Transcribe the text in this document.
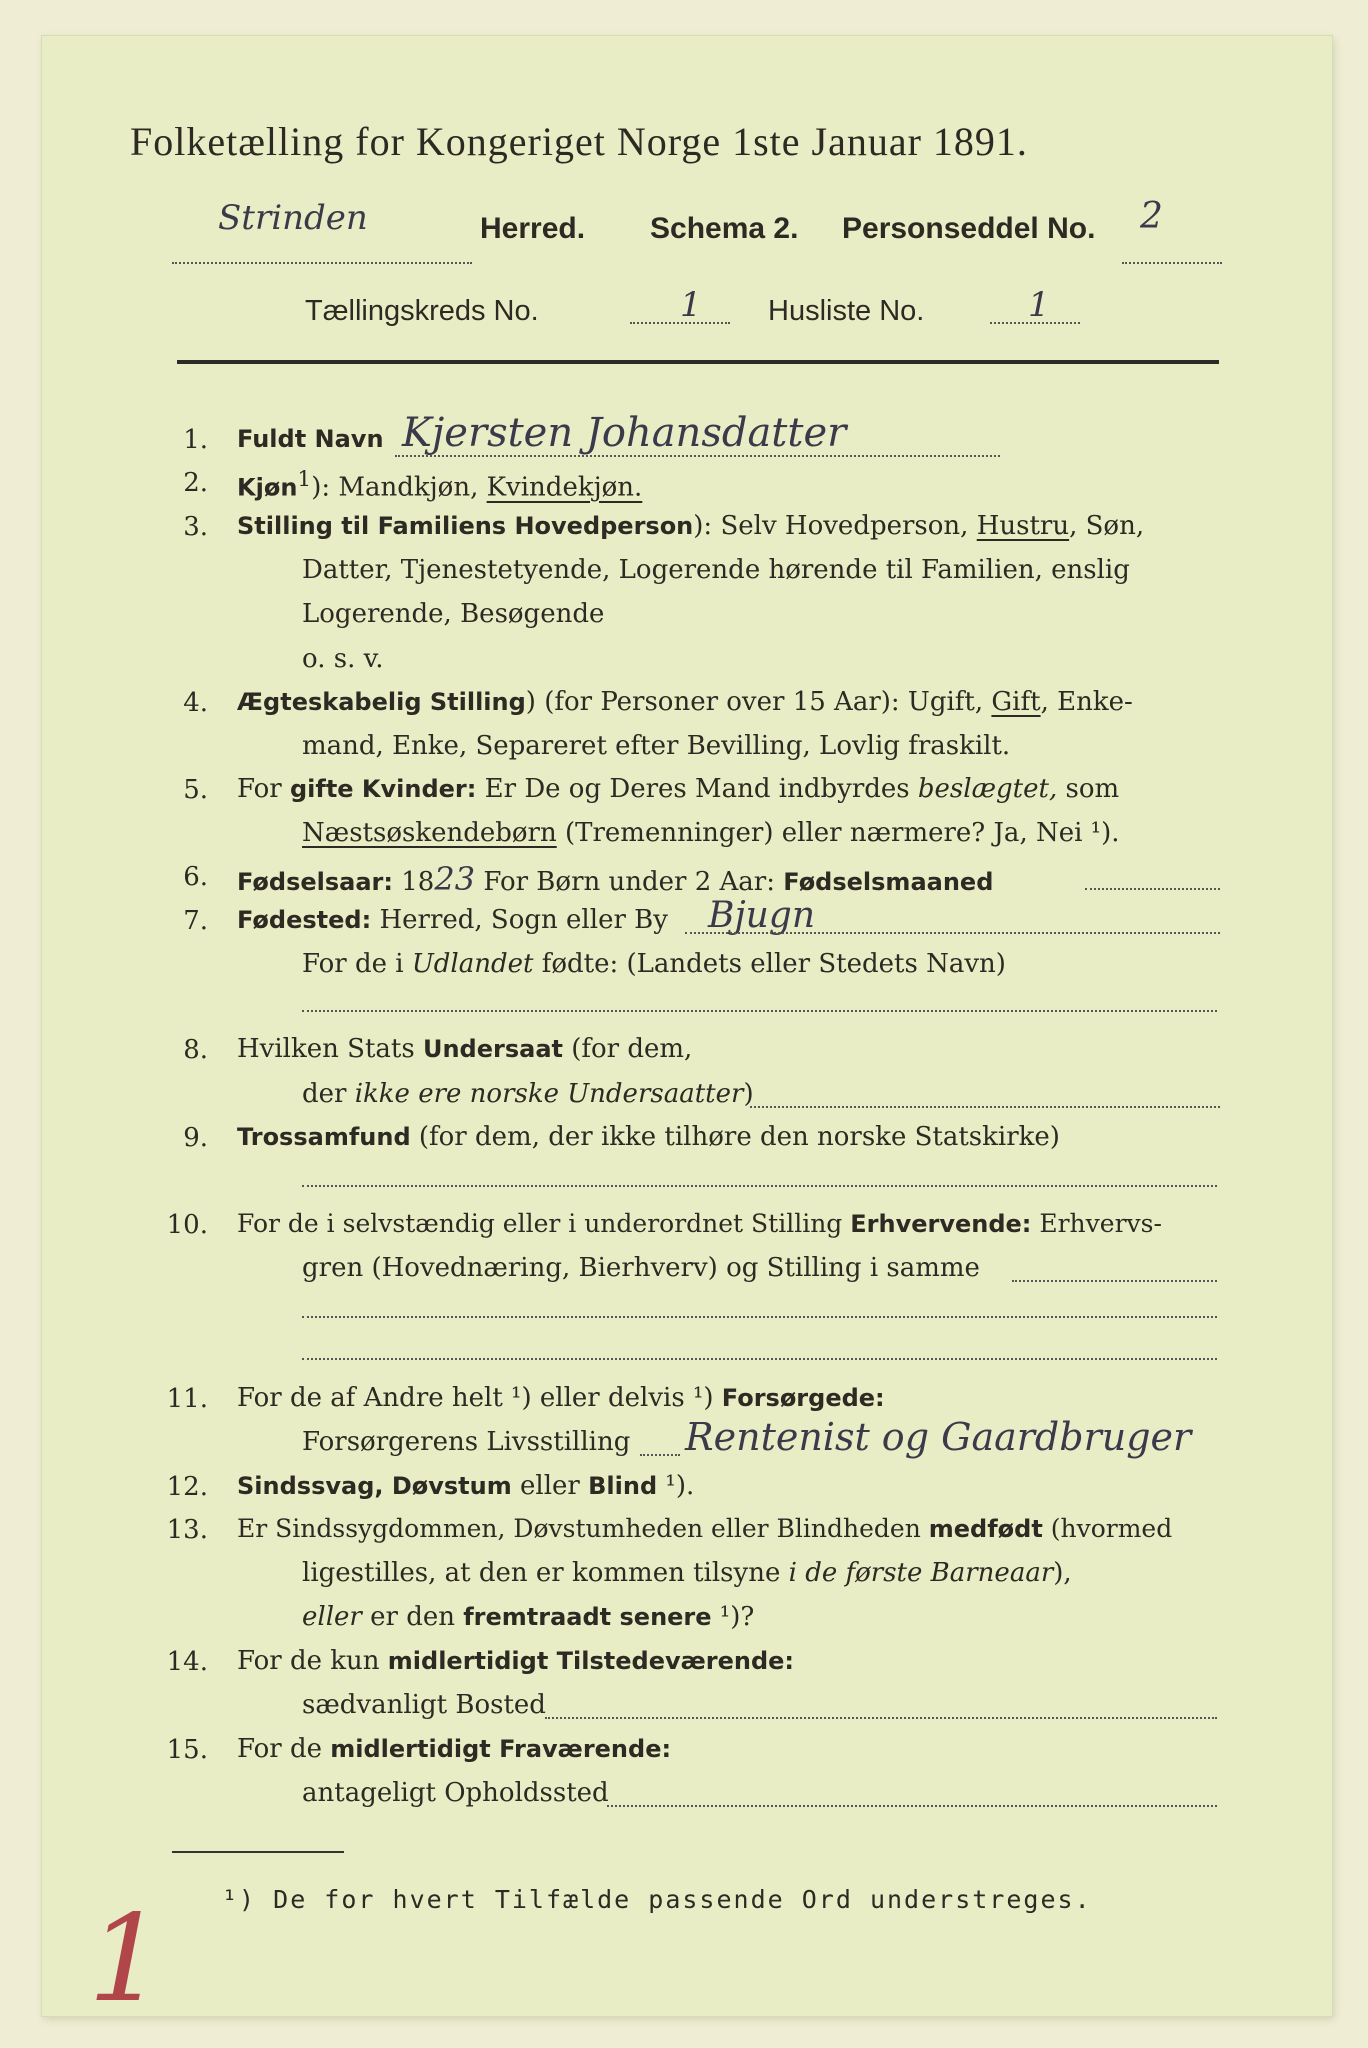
Folketælling for Kongeriget Norge 1ste Januar 1891.
Strinden	Herred. Schema 2. Personseddel No. 2
Tællingskreds No.	1 Husliste No.	1
1. Fuldt Navn Kjersten Johansdatter
2. Kjøn$^1$): Mandkjøn, Kvindekjøn.
3. Stilling til Familiens Hovedperson): Selv Hovedperson, Hustru, Søn,
Datter, Tjenestetyende, Logerende hørende til Familien, enslig
Logerende, Besøgende
o. s. v.
4. Ægteskabelig Stilling) (for Personer over 15 Aar): Ugift, Gift, Enke-
mand, Enke, Separeret efter Bevilling, Lovlig fraskilt.
5. For gifte Kvinder: Er De og Deres Mand indbyrdes beslægtet, som
Næstsøskendebørn (Tremenninger) eller nærmere? Ja, Nei ¹).
6. Fødselsaar: 1823 For Børn under 2 Aar: Fødselsmaaned
7. Fødested: Herred, Sogn eller By Bjugn
For de i Udlandet fødte: (Landets eller Stedets Navn)
8. Hvilken Stats Undersaat (for dem,
der ikke ere norske Undersaatter)
9. Trossamfund (for dem, der ikke tilhøre den norske Statskirke)
10. For de i selvstændig eller i underordnet Stilling Erhvervende: Erhvervs-
gren (Hovednæring, Bierhverv) og Stilling i samme
11. For de af Andre helt ¹) eller delvis ¹) Forsørgede:
Forsørgerens Livsstilling Rentenist og Gaardbruger
12. Sindssvag, Døvstum eller Blind ¹).
13. Er Sindssygdommen, Døvstumheden eller Blindheden medfødt (hvormed
ligestilles, at den er kommen tilsyne i de første Barneaar),
eller er den fremtraadt senere ¹)?
14. For de kun midlertidigt Tilstedeværende:
sædvanligt Bosted
15. For de midlertidigt Fraværende:
antageligt Opholdssted
¹) De for hvert Tilfælde passende Ord understreges.
1
